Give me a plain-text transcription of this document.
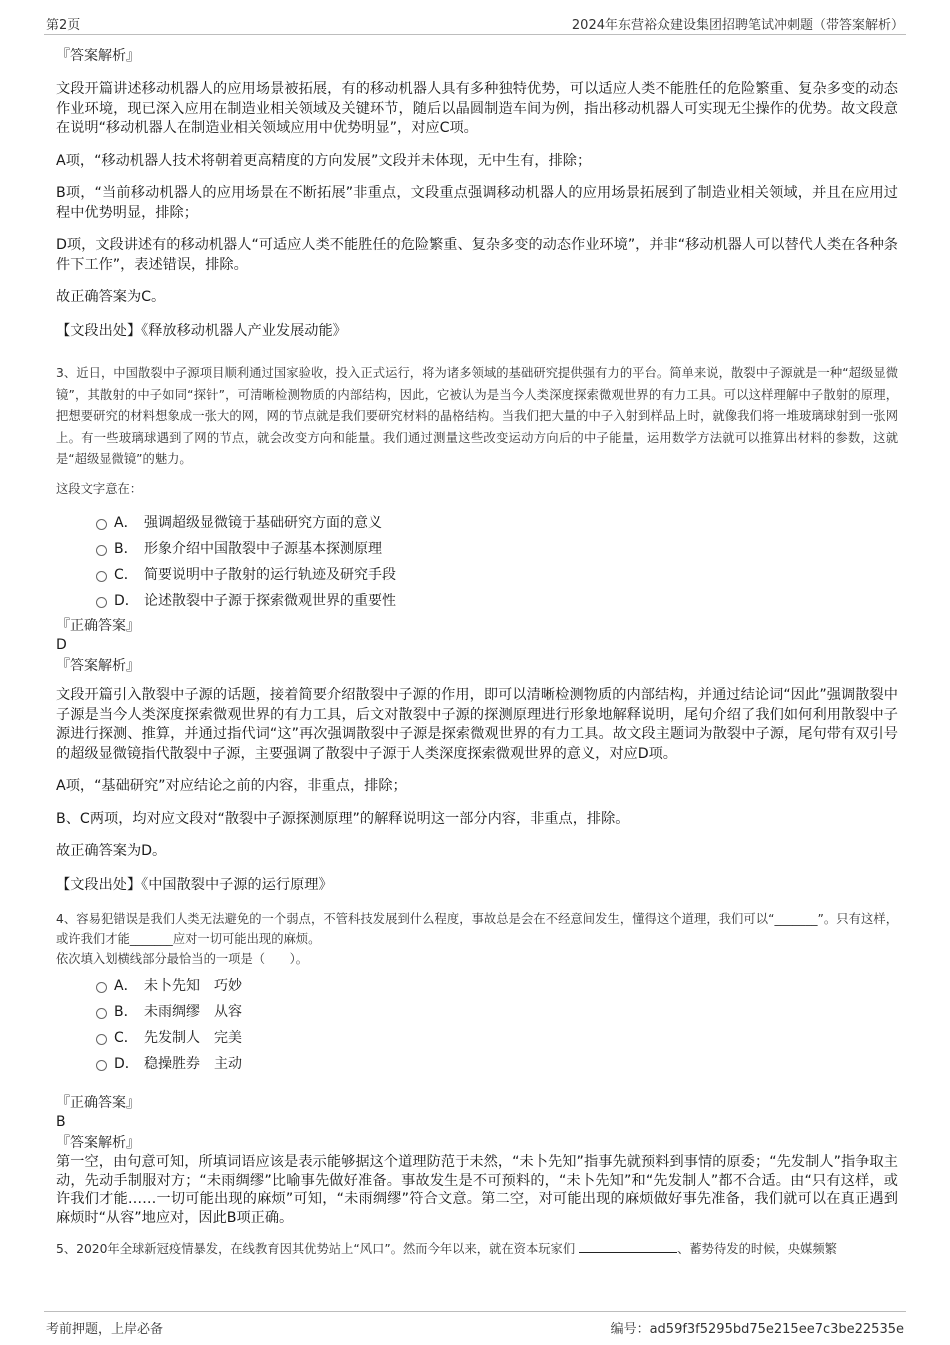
第2页	2024年东营裕众建设集团招聘笔试冲刺题（带答案解析）

『答案解析』

文段开篇讲述移动机器人的应用场景被拓展，有的移动机器人具有多种独特优势，可以适应人类不能胜任的危险繁重、复杂多变的动态作业环境，现已深入应用在制造业相关领域及关键环节，随后以晶圆制造车间为例，指出移动机器人可实现无尘操作的优势。故文段意在说明“移动机器人在制造业相关领域应用中优势明显”，对应C项。

A项，“移动机器人技术将朝着更高精度的方向发展”文段并未体现，无中生有，排除；

B项，“当前移动机器人的应用场景在不断拓展”非重点，文段重点强调移动机器人的应用场景拓展到了制造业相关领域，并且在应用过程中优势明显，排除；

D项，文段讲述有的移动机器人“可适应人类不能胜任的危险繁重、复杂多变的动态作业环境”，并非“移动机器人可以替代人类在各种条件下工作”，表述错误，排除。

故正确答案为C。

【文段出处】《释放移动机器人产业发展动能》

3、近日，中国散裂中子源项目顺利通过国家验收，投入正式运行，将为诸多领域的基础研究提供强有力的平台。简单来说，散裂中子源就是一种“超级显微镜”，其散射的中子如同“探针”，可清晰检测物质的内部结构，因此，它被认为是当今人类深度探索微观世界的有力工具。可以这样理解中子散射的原理，把想要研究的材料想象成一张大的网，网的节点就是我们要研究材料的晶格结构。当我们把大量的中子入射到样品上时，就像我们将一堆玻璃球射到一张网上。有一些玻璃球遇到了网的节点，就会改变方向和能量。我们通过测量这些改变运动方向后的中子能量，运用数学方法就可以推算出材料的参数，这就是“超级显微镜”的魅力。

这段文字意在：

A． 强调超级显微镜于基础研究方面的意义
B． 形象介绍中国散裂中子源基本探测原理
C． 简要说明中子散射的运行轨迹及研究手段
D． 论述散裂中子源于探索微观世界的重要性

『正确答案』

D

『答案解析』

文段开篇引入散裂中子源的话题，接着简要介绍散裂中子源的作用，即可以清晰检测物质的内部结构，并通过结论词“因此”强调散裂中子源是当今人类深度探索微观世界的有力工具，后文对散裂中子源的探测原理进行形象地解释说明，尾句介绍了我们如何利用散裂中子源进行探测、推算，并通过指代词“这”再次强调散裂中子源是探索微观世界的有力工具。故文段主题词为散裂中子源，尾句带有双引号的超级显微镜指代散裂中子源，主要强调了散裂中子源于人类深度探索微观世界的意义，对应D项。

A项，“基础研究”对应结论之前的内容，非重点，排除；

B、C两项，均对应文段对“散裂中子源探测原理”的解释说明这一部分内容，非重点，排除。

故正确答案为D。

【文段出处】《中国散裂中子源的运行原理》

4、容易犯错误是我们人类无法避免的一个弱点，不管科技发展到什么程度，事故总是会在不经意间发生，懂得这个道理，我们可以“_______”。只有这样，或许我们才能_______应对一切可能出现的麻烦。

依次填入划横线部分最恰当的一项是（　　）。

A． 未卜先知　巧妙
B． 未雨绸缪　从容
C． 先发制人　完美
D． 稳操胜券　主动

『正确答案』

B

『答案解析』

第一空，由句意可知，所填词语应该是表示能够据这个道理防范于未然，“未卜先知”指事先就预料到事情的原委；“先发制人”指争取主动，先动手制服对方；“未雨绸缪”比喻事先做好准备。事故发生是不可预料的，“未卜先知”和“先发制人”都不合适。由“只有这样，或许我们才能……一切可能出现的麻烦”可知，“未雨绸缪”符合文意。第二空，对可能出现的麻烦做好事先准备，我们就可以在真正遇到麻烦时“从容”地应对，因此B项正确。

5、2020年全球新冠疫情暴发，在线教育因其优势站上“风口”。然而今年以来，就在资本玩家们	、蓄势待发的时候，央媒频繁

考前押题，上岸必备	编号：ad59f3f5295bd75e215ee7c3be22535e
